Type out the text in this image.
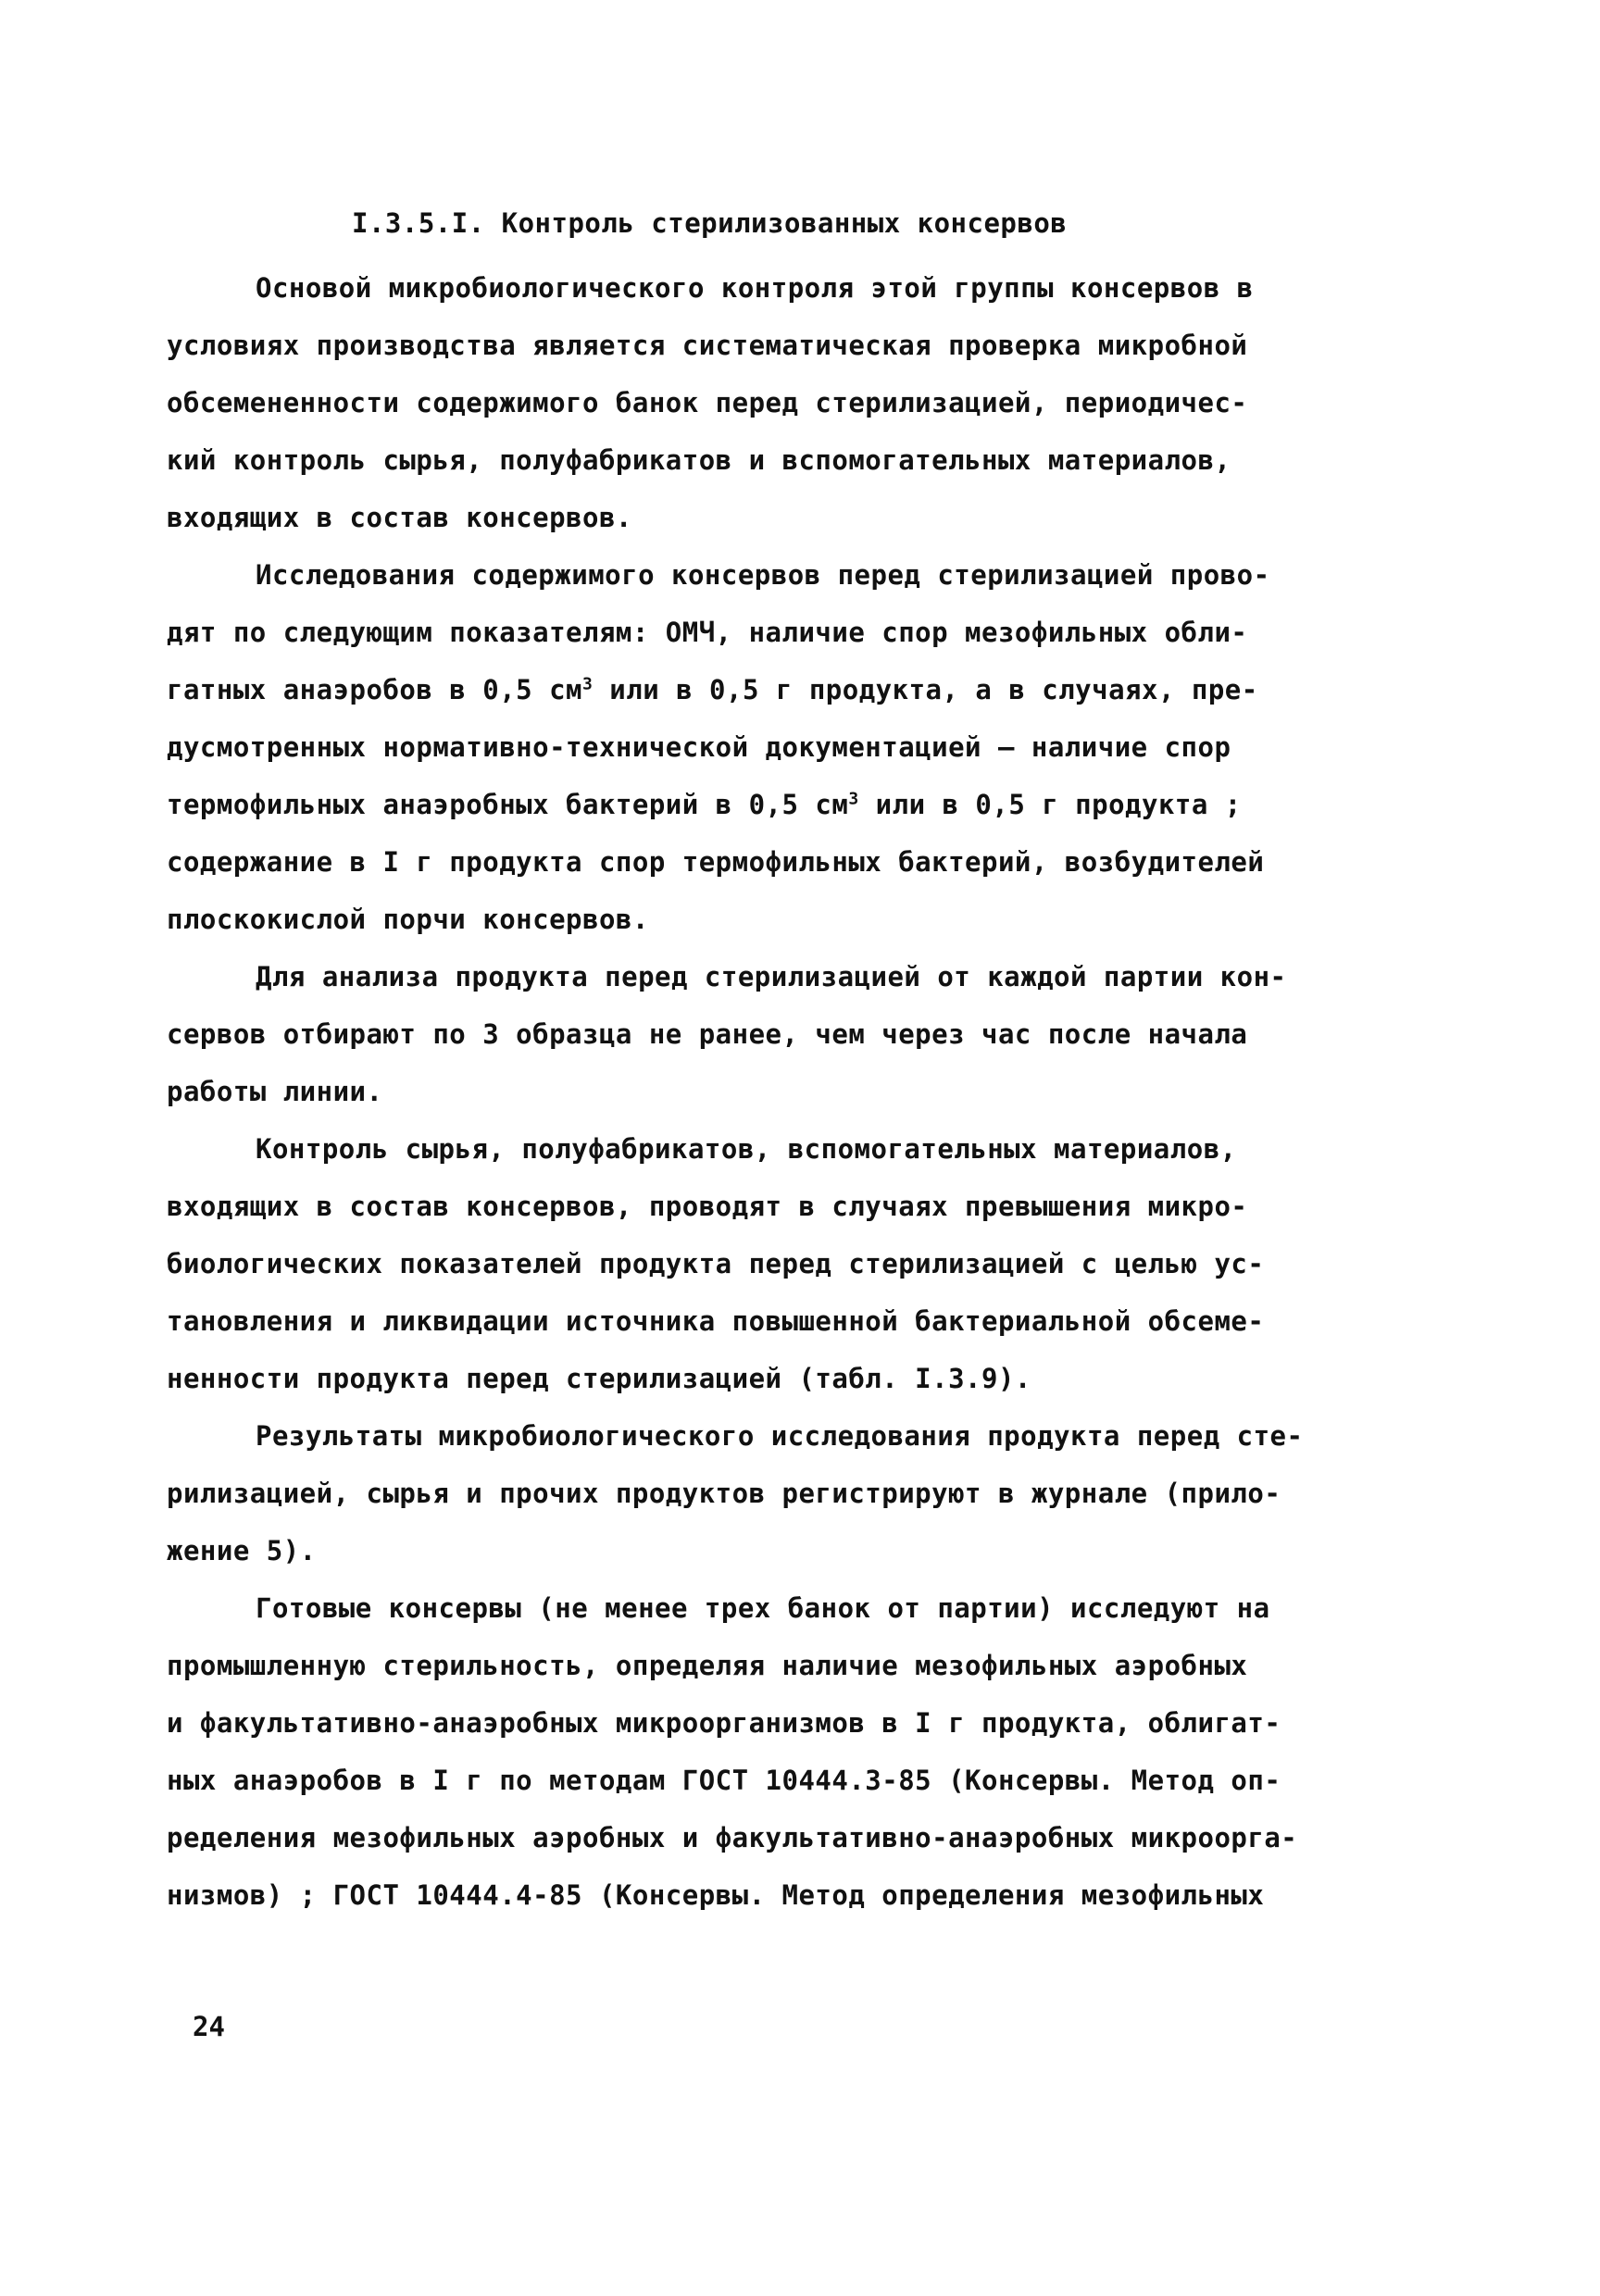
I.3.5.I. Контроль стерилизованных консервов
Основой микробиологического контроля этой группы консервов в
условиях производства является систематическая проверка микробной
обсемененности содержимого банок перед стерилизацией, периодичес-
кий контроль сырья, полуфабрикатов и вспомогательных материалов,
входящих в состав консервов.
Исследования содержимого консервов перед стерилизацией прово-
дят по следующим показателям: ОМЧ, наличие спор мезофильных обли-
гатных анаэробов в 0,5 $см^3$ или в 0,5 г продукта, а в случаях, пре-
дусмотренных нормативно-технической документацией – наличие спор
термофильных анаэробных бактерий в 0,5 $см^3$ или в 0,5 г продукта ;
содержание в I г продукта спор термофильных бактерий, возбудителей
плоскокислой порчи консервов.
Для анализа продукта перед стерилизацией от каждой партии кон-
сервов отбирают по 3 образца не ранее, чем через час после начала
работы линии.
Контроль сырья, полуфабрикатов, вспомогательных материалов,
входящих в состав консервов, проводят в случаях превышения микро-
биологических показателей продукта перед стерилизацией с целью ус-
тановления и ликвидации источника повышенной бактериальной обсеме-
ненности продукта перед стерилизацией (табл. I.3.9).
Результаты микробиологического исследования продукта перед сте-
рилизацией, сырья и прочих продуктов регистрируют в журнале (прило-
жение 5).
Готовые консервы (не менее трех банок от партии) исследуют на
промышленную стерильность, определяя наличие мезофильных аэробных
и факультативно-анаэробных микроорганизмов в I г продукта, облигат-
ных анаэробов в I г по методам ГОСТ 10444.3-85 (Консервы. Метод оп-
ределения мезофильных аэробных и факультативно-анаэробных микроорга-
низмов) ; ГОСТ 10444.4-85 (Консервы. Метод определения мезофильных
24
